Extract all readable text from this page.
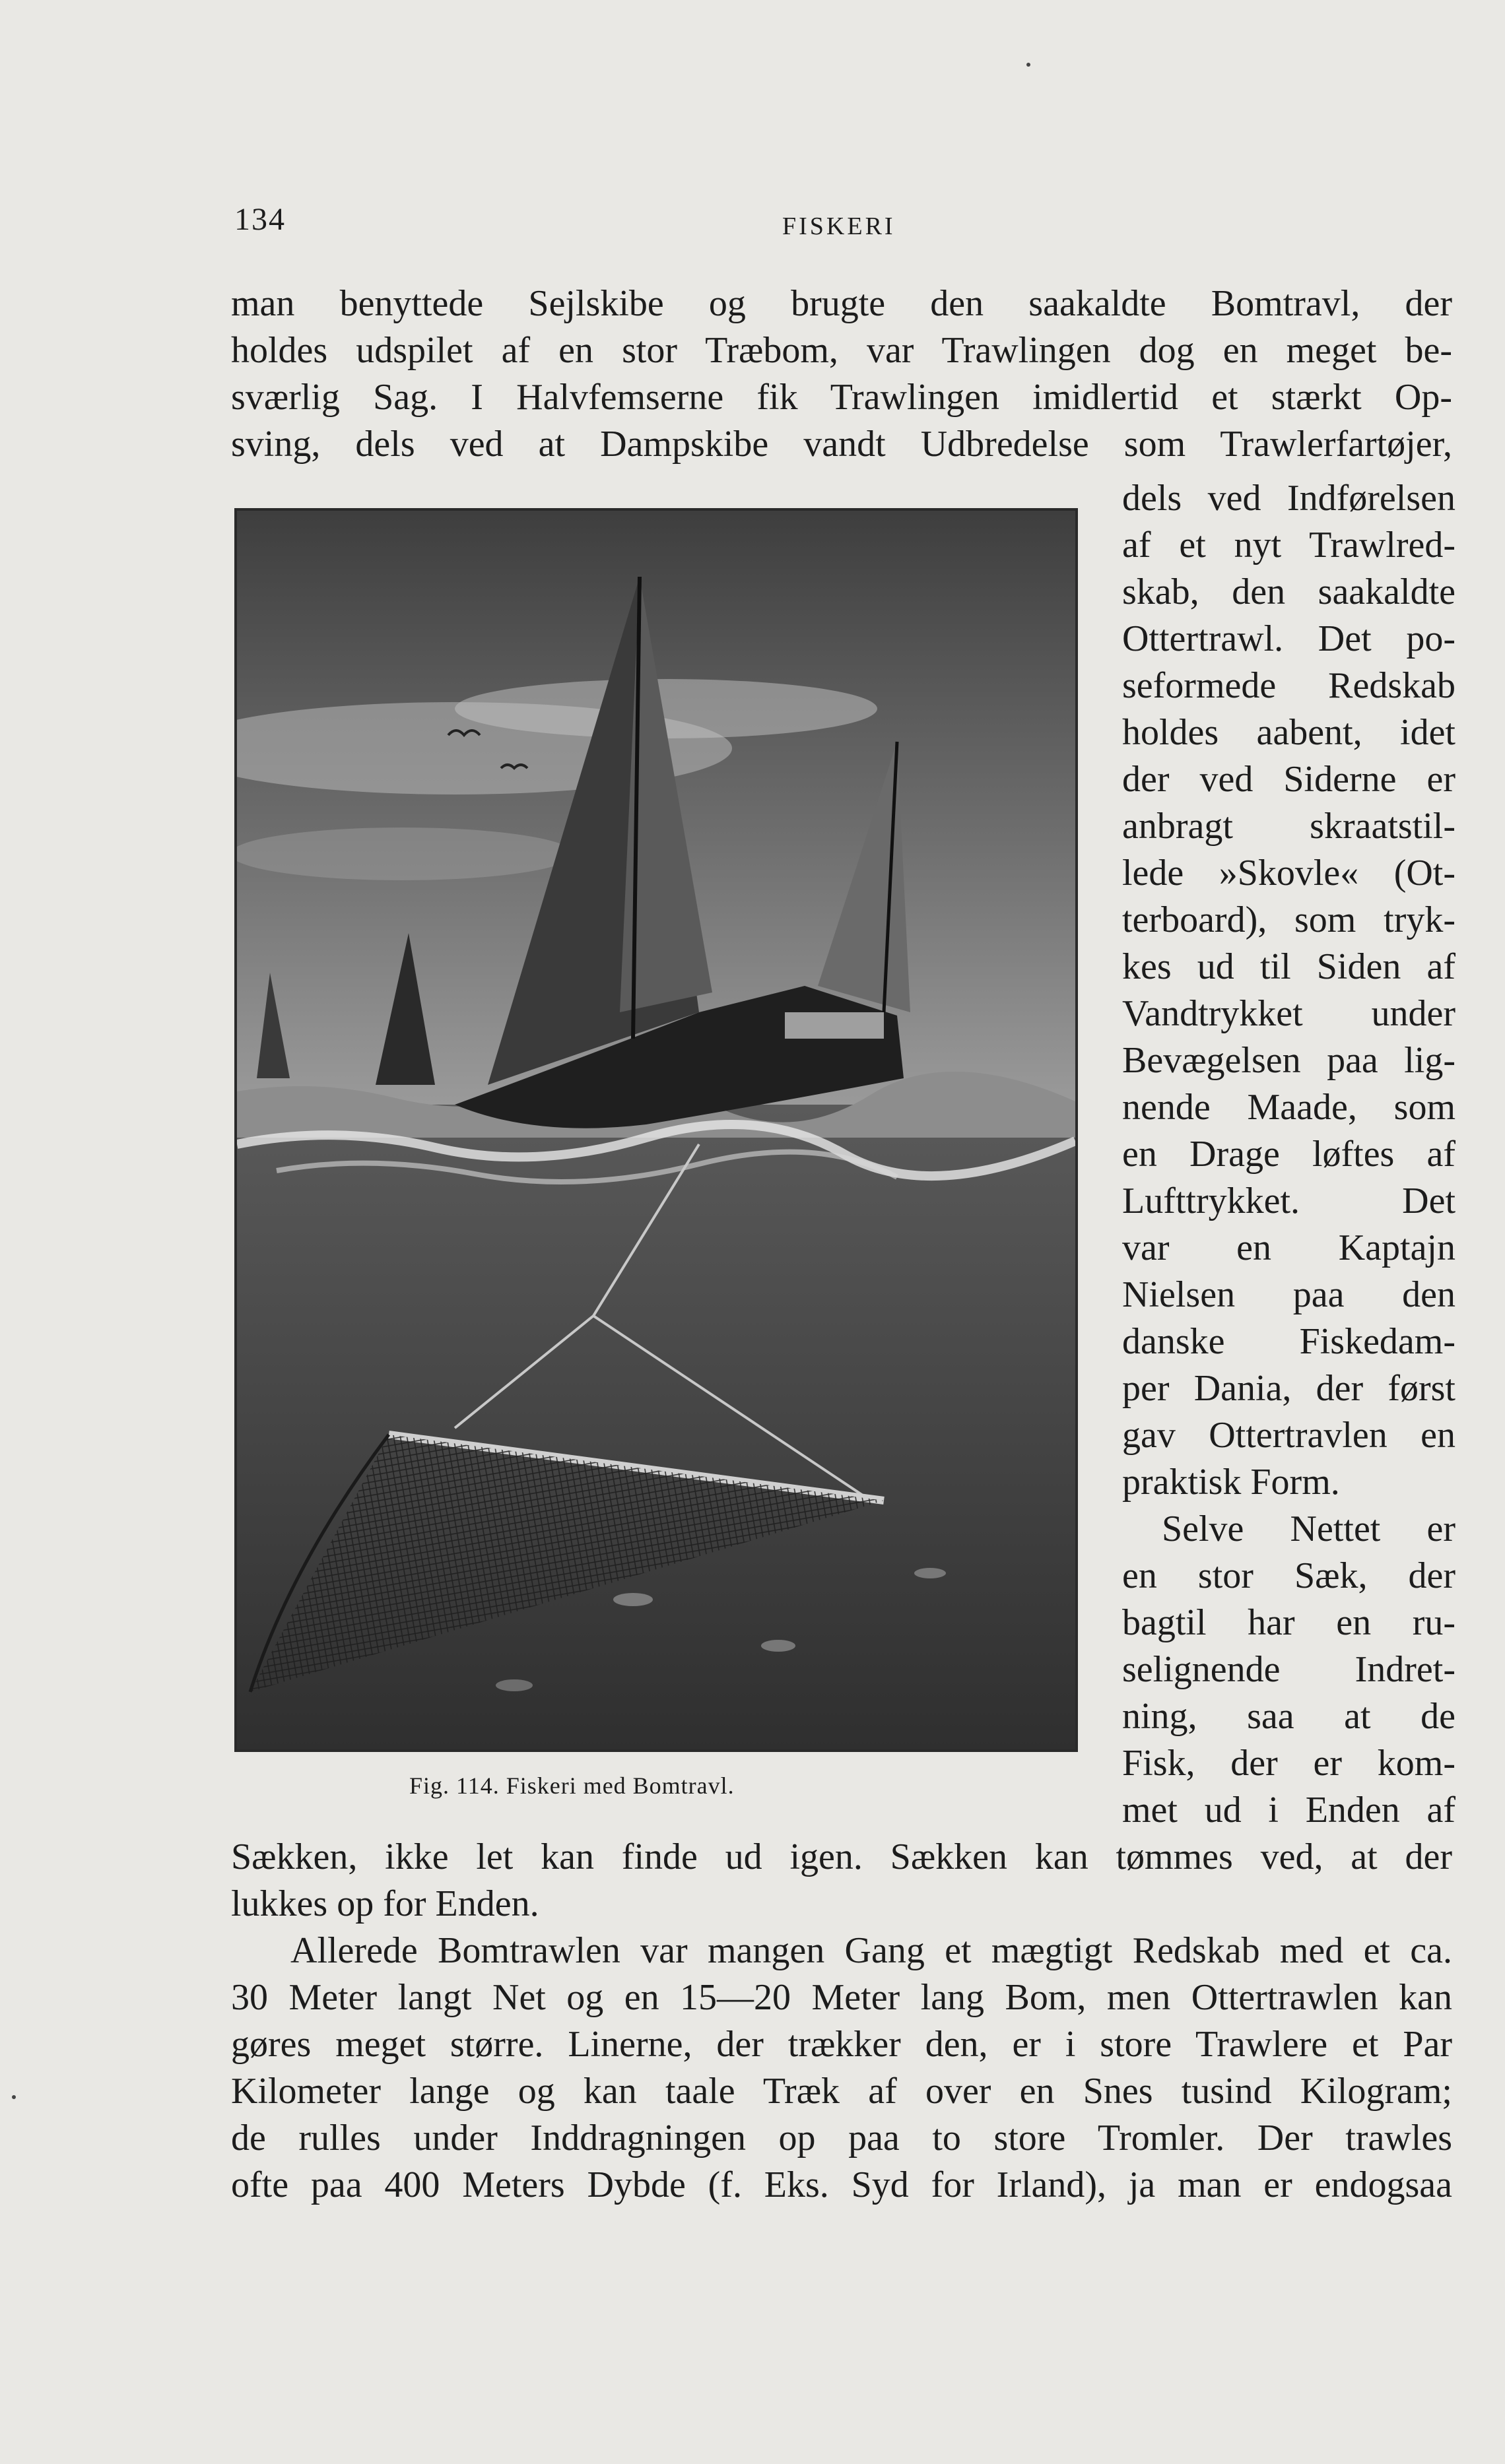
134	FISKERI
man benyttede Sejlskibe og brugte den saakaldte Bomtravl, der
holdes udspilet af en stor Træbom, var Trawlingen dog en meget be-
sværlig Sag. I Halvfemserne fik Trawlingen imidlertid et stærkt Op-
sving, dels ved at Dampskibe vandt Udbredelse som Trawlerfartøjer,
Fig. 114. Fiskeri med Bomtravl.
dels ved Indførelsen
af et nyt Trawlred-
skab, den saakaldte
Ottertrawl. Det po-
seformede Redskab
holdes aabent, idet
der ved Siderne er
anbragt skraatstil-
lede »Skovle« (Ot-
terboard), som tryk-
kes ud til Siden af
Vandtrykket under
Bevægelsen paa lig-
nende Maade, som
en Drage løftes af
Lufttrykket. Det
var en Kaptajn
Nielsen paa den
danske Fiskedam-
per Dania, der først
gav Ottertravlen en
praktisk Form.
Selve Nettet er
en stor Sæk, der
bagtil har en ru-
selignende Indret-
ning, saa at de
Fisk, der er kom-
met ud i Enden af
Sækken, ikke let kan finde ud igen. Sækken kan tømmes ved, at der
lukkes op for Enden.
Allerede Bomtrawlen var mangen Gang et mægtigt Redskab med et ca.
30 Meter langt Net og en 15—20 Meter lang Bom, men Ottertrawlen kan
gøres meget større. Linerne, der trækker den, er i store Trawlere et Par
Kilometer lange og kan taale Træk af over en Snes tusind Kilogram;
de rulles under Inddragningen op paa to store Tromler. Der trawles
ofte paa 400 Meters Dybde (f. Eks. Syd for Irland), ja man er endogsaa
